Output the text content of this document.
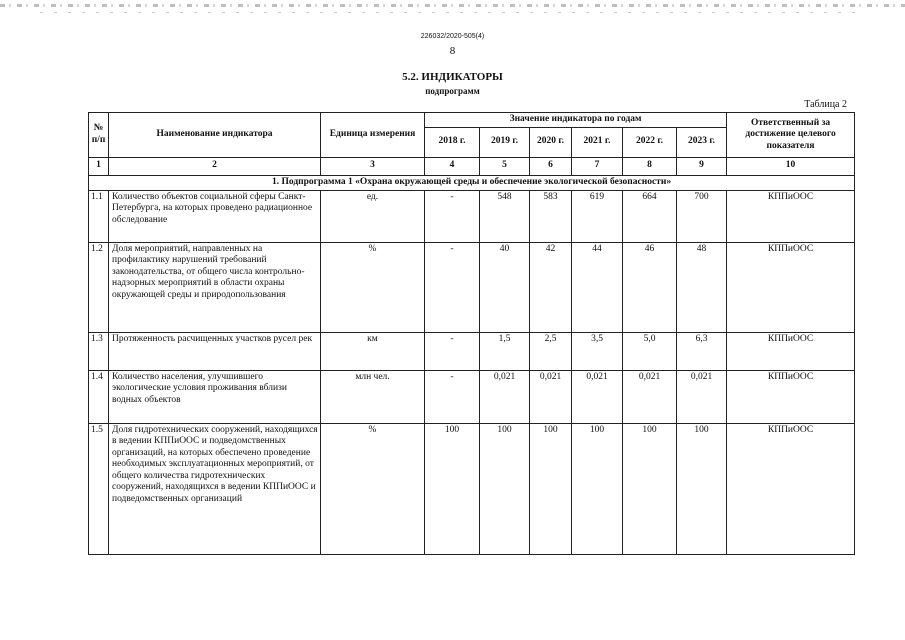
226032/2020-505(4)
8
5.2. ИНДИКАТОРЫ
подпрограмм
Таблица 2
№ п/п	Наименование индикатора	Единица измерения	Значение индикатора по годам						Ответственный за достижение целевого показателя
			2018 г.	2019 г.	2020 г.	2021 г.	2022 г.	2023 г.	
1	2	3	4	5	6	7	8	9	10
1. Подпрограмма 1 «Охрана окружающей среды и обеспечение экологической безопасности»									
1.1	Количество объектов социальной сферы Санкт-Петербурга, на которых проведено радиационное обследование	ед.	-	548	583	619	664	700	КППиООС
1.2	Доля мероприятий, направленных на профилактику нарушений требований законодательства, от общего числа контрольно-надзорных мероприятий в области охраны окружающей среды и природопользования	%	-	40	42	44	46	48	КППиООС
1.3	Протяженность расчищенных участков русел рек	км	-	1,5	2,5	3,5	5,0	6,3	КППиООС
1.4	Количество населения, улучшившего экологические условия проживания вблизи водных объектов	млн чел.	-	0,021	0,021	0,021	0,021	0,021	КППиООС
1.5	Доля гидротехнических сооружений, находящихся в ведении КППиООС и подведомственных организаций, на которых обеспечено проведение необходимых эксплуатационных мероприятий, от общего количества гидротехнических сооружений, находящихся в ведении КППиООС и подведомственных организаций	%	100	100	100	100	100	100	КППиООС
